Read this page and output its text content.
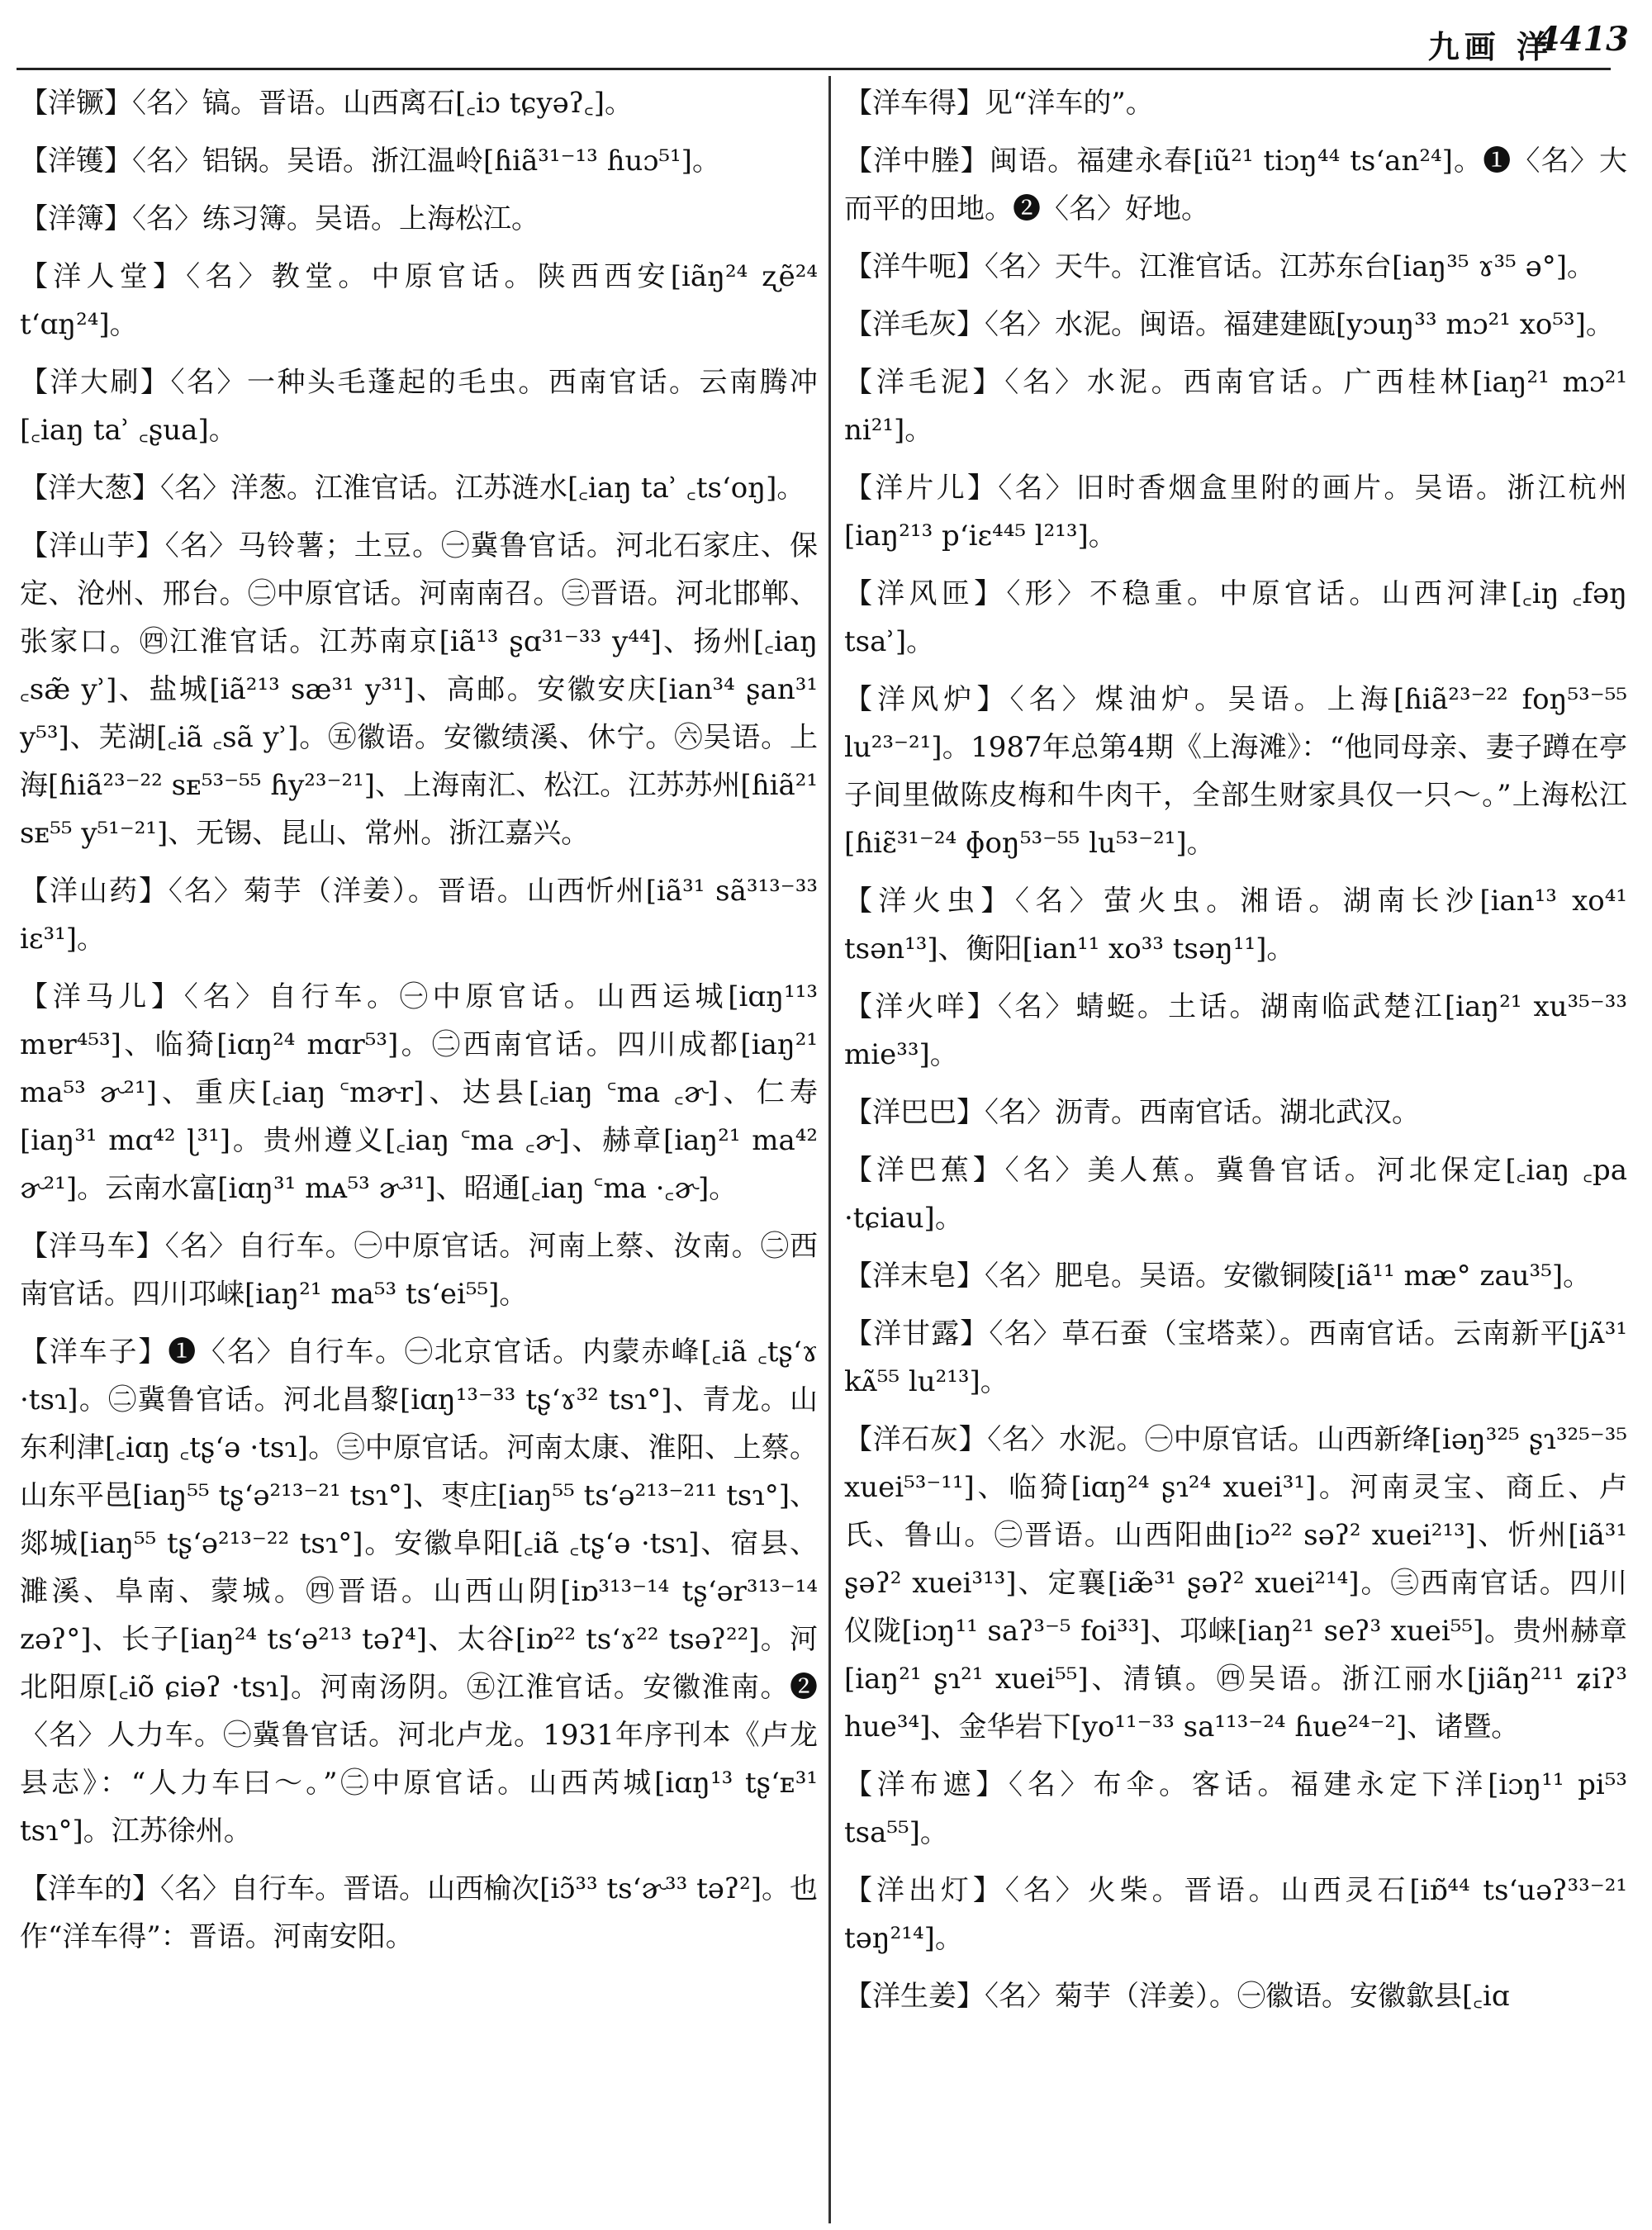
九画 洋
4413

【洋镢】〈名〉镐。晋语。山西离石[꜀iɔ tɕyəʔ꜀]。

【洋镬】〈名〉铝锅。吴语。浙江温岭[ɦiã³¹⁻¹³ ɦuɔ⁵¹]。

【洋簿】〈名〉练习簿。吴语。上海松江。

【洋人堂】〈名〉教堂。中原官话。陕西西安[iãŋ²⁴ ʐẽ²⁴ tʻɑŋ²⁴]。

【洋大刷】〈名〉一种头毛蓬起的毛虫。西南官话。云南腾冲[꜀iaŋ taʾ ꜀ʂua]。

【洋大葱】〈名〉洋葱。江淮官话。江苏涟水[꜀iaŋ taʾ ꜀tsʻoŋ]。

【洋山芋】〈名〉马铃薯；土豆。㊀冀鲁官话。河北石家庄、保定、沧州、邢台。㊁中原官话。河南南召。㊂晋语。河北邯郸、张家口。㊃江淮官话。江苏南京[iã¹³ ʂɑ³¹⁻³³ y⁴⁴]、扬州[꜀iaŋ ꜀sæ̃ yʾ]、盐城[iã²¹³ sæ³¹ y³¹]、高邮。安徽安庆[ian³⁴ ʂan³¹ y⁵³]、芜湖[꜀iã ꜀sã yʾ]。㊄徽语。安徽绩溪、休宁。㊅吴语。上海[ɦiã²³⁻²² sᴇ⁵³⁻⁵⁵ ɦy²³⁻²¹]、上海南汇、松江。江苏苏州[ɦiã²¹ sᴇ⁵⁵ y⁵¹⁻²¹]、无锡、昆山、常州。浙江嘉兴。

【洋山药】〈名〉菊芋（洋姜）。晋语。山西忻州[iã³¹ sã³¹³⁻³³ iɛ³¹]。

【洋马儿】〈名〉自行车。㊀中原官话。山西运城[iɑŋ¹¹³ mɐr⁴⁵³]、临猗[iɑŋ²⁴ mɑr⁵³]。㊁西南官话。四川成都[iaŋ²¹ ma⁵³ ɚ²¹]、重庆[꜀iaŋ ꜂mɚr]、达县[꜀iaŋ ꜂ma ꜀ɚ]、仁寿[iaŋ³¹ mɑ⁴² ɭ³¹]。贵州遵义[꜀iaŋ ꜂ma ꜀ɚ]、赫章[iaŋ²¹ ma⁴² ɚ²¹]。云南水富[iɑŋ³¹ mᴀ⁵³ ɚ³¹]、昭通[꜀iaŋ ꜂ma ·꜀ɚ]。

【洋马车】〈名〉自行车。㊀中原官话。河南上蔡、汝南。㊁西南官话。四川邛崃[iaŋ²¹ ma⁵³ tsʻei⁵⁵]。

【洋车子】❶〈名〉自行车。㊀北京官话。内蒙赤峰[꜀iã ꜀tʂʻɤ ·tsɿ]。㊁冀鲁官话。河北昌黎[iɑŋ¹³⁻³³ tʂʻɤ³² tsɿ°]、青龙。山东利津[꜀iɑŋ ꜀tʂʻə ·tsɿ]。㊂中原官话。河南太康、淮阳、上蔡。山东平邑[iaŋ⁵⁵ tʂʻə²¹³⁻²¹ tsɿ°]、枣庄[iaŋ⁵⁵ tsʻə²¹³⁻²¹¹ tsɿ°]、郯城[iaŋ⁵⁵ tʂʻə²¹³⁻²² tsɿ°]。安徽阜阳[꜀iã ꜀tʂʻə ·tsɿ]、宿县、濉溪、阜南、蒙城。㊃晋语。山西山阴[iɒ³¹³⁻¹⁴ tʂʻər³¹³⁻¹⁴ zəʔ°]、长子[iaŋ²⁴ tsʻə²¹³ təʔ⁴]、太谷[iɒ²² tsʻɤ²² tsəʔ²²]。河北阳原[꜀iõ ɕiəʔ ·tsɿ]。河南汤阴。㊄江淮官话。安徽淮南。❷〈名〉人力车。㊀冀鲁官话。河北卢龙。1931年序刊本《卢龙县志》：“人力车曰～。”㊁中原官话。山西芮城[iɑŋ¹³ tʂʻᴇ³¹ tsɿ°]。江苏徐州。

【洋车的】〈名〉自行车。晋语。山西榆次[iɔ̃³³ tsʻɚ³³ təʔ²]。也作“洋车得”：晋语。河南安阳。

【洋车得】见“洋车的”。

【洋中塍】闽语。福建永春[iũ²¹ tiɔŋ⁴⁴ tsʻan²⁴]。❶〈名〉大而平的田地。❷〈名〉好地。

【洋牛呃】〈名〉天牛。江淮官话。江苏东台[iaŋ³⁵ ɤ³⁵ ə°]。

【洋毛灰】〈名〉水泥。闽语。福建建瓯[yɔuŋ³³ mɔ²¹ xo⁵³]。

【洋毛泥】〈名〉水泥。西南官话。广西桂林[iaŋ²¹ mɔ²¹ ni²¹]。

【洋片儿】〈名〉旧时香烟盒里附的画片。吴语。浙江杭州[iaŋ²¹³ pʻiɛ⁴⁴⁵ l²¹³]。

【洋风匝】〈形〉不稳重。中原官话。山西河津[꜀iŋ ꜀fəŋ tsaʾ]。

【洋风炉】〈名〉煤油炉。吴语。上海[ɦiã²³⁻²² foŋ⁵³⁻⁵⁵ lu²³⁻²¹]。1987年总第4期《上海滩》：“他同母亲、妻子蹲在亭子间里做陈皮梅和牛肉干，全部生财家具仅一只～。”上海松江[ɦiɛ̃³¹⁻²⁴ ɸoŋ⁵³⁻⁵⁵ lu⁵³⁻²¹]。

【洋火虫】〈名〉萤火虫。湘语。湖南长沙[ian¹³ xo⁴¹ tsən¹³]、衡阳[ian¹¹ xo³³ tsəŋ¹¹]。

【洋火咩】〈名〉蜻蜓。土话。湖南临武楚江[iaŋ²¹ xu³⁵⁻³³ mie³³]。

【洋巴巴】〈名〉沥青。西南官话。湖北武汉。

【洋巴蕉】〈名〉美人蕉。冀鲁官话。河北保定[꜀iaŋ ꜀pa ·tɕiau]。

【洋末皂】〈名〉肥皂。吴语。安徽铜陵[iã¹¹ mæ° zau³⁵]。

【洋甘露】〈名〉草石蚕（宝塔菜）。西南官话。云南新平[jᴀ̃³¹ kᴀ̃⁵⁵ lu²¹³]。

【洋石灰】〈名〉水泥。㊀中原官话。山西新绛[iəŋ³²⁵ ʂɿ³²⁵⁻³⁵ xuei⁵³⁻¹¹]、临猗[iɑŋ²⁴ ʂɿ²⁴ xuei³¹]。河南灵宝、商丘、卢氏、鲁山。㊁晋语。山西阳曲[iɔ²² səʔ² xuei²¹³]、忻州[iã³¹ ʂəʔ² xuei³¹³]、定襄[iæ̃³¹ ʂəʔ² xuei²¹⁴]。㊂西南官话。四川仪陇[iɔŋ¹¹ saʔ³⁻⁵ foi³³]、邛崃[iaŋ²¹ seʔ³ xuei⁵⁵]。贵州赫章[iaŋ²¹ ʂɿ²¹ xuei⁵⁵]、清镇。㊃吴语。浙江丽水[jiãŋ²¹¹ ʑiʔ³ hue³⁴]、金华岩下[yo¹¹⁻³³ sa¹¹³⁻²⁴ ɦue²⁴⁻²]、诸暨。

【洋布遮】〈名〉布伞。客话。福建永定下洋[iɔŋ¹¹ pi⁵³ tsa⁵⁵]。

【洋出灯】〈名〉火柴。晋语。山西灵石[iɒ̃⁴⁴ tsʻuəʔ³³⁻²¹ təŋ²¹⁴]。

【洋生姜】〈名〉菊芋（洋姜）。㊀徽语。安徽歙县[꜀iɑ
